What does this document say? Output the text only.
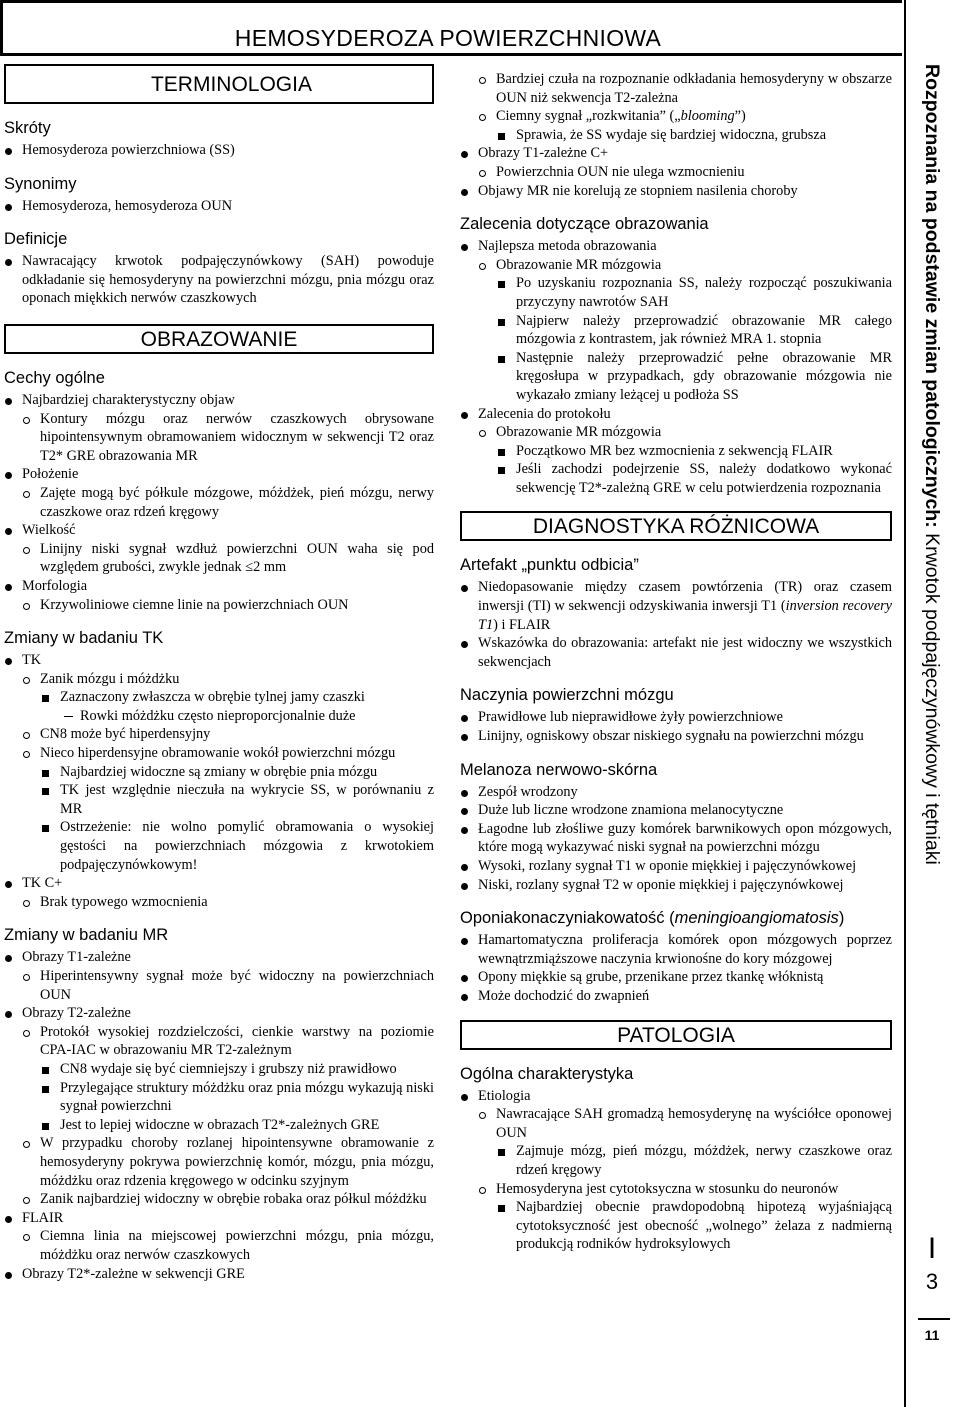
HEMOSYDEROZA POWIERZCHNIOWA
TERMINOLOGIA
Skróty
Hemosyderoza powierzchniowa (SS)
Synonimy
Hemosyderoza, hemosyderoza OUN
Definicje
Nawracający krwotok podpajęczynówkowy (SAH) powoduje odkładanie się hemosyderyny na powierzchni mózgu, pnia mózgu oraz oponach miękkich nerwów czaszkowych
OBRAZOWANIE
Cechy ogólne
Najbardziej charakterystyczny objaw
Kontury mózgu oraz nerwów czaszkowych obrysowane hipointensywnym obramowaniem widocznym w sekwencji T2 oraz T2* GRE obrazowania MR
Położenie
Zajęte mogą być półkule mózgowe, móżdżek, pień mózgu, nerwy czaszkowe oraz rdzeń kręgowy
Wielkość
Linijny niski sygnał wzdłuż powierzchni OUN waha się pod względem grubości, zwykle jednak ≤2 mm
Morfologia
Krzywoliniowe ciemne linie na powierzchniach OUN
Zmiany w badaniu TK
TK
Zanik mózgu i móżdżku
Zaznaczony zwłaszcza w obrębie tylnej jamy czaszki
Rowki móżdżku często nieproporcjonalnie duże
CN8 może być hiperdensyjny
Nieco hiperdensyjne obramowanie wokół powierzchni mózgu
Najbardziej widoczne są zmiany w obrębie pnia mózgu
TK jest względnie nieczuła na wykrycie SS, w porównaniu z MR
Ostrzeżenie: nie wolno pomylić obramowania o wysokiej gęstości na powierzchniach mózgowia z krwotokiem podpajęczynówkowym!
TK C+
Brak typowego wzmocnienia
Zmiany w badaniu MR
Obrazy T1-zależne
Hiperintensywny sygnał może być widoczny na powierzchniach OUN
Obrazy T2-zależne
Protokół wysokiej rozdzielczości, cienkie warstwy na poziomie CPA-IAC w obrazowaniu MR T2-zależnym
CN8 wydaje się być ciemniejszy i grubszy niż prawidłowo
Przylegające struktury móżdżku oraz pnia mózgu wykazują niski sygnał powierzchni
Jest to lepiej widoczne w obrazach T2*-zależnych GRE
W przypadku choroby rozlanej hipointensywne obramowanie z hemosyderyny pokrywa powierzchnię komór, mózgu, pnia mózgu, móżdżku oraz rdzenia kręgowego w odcinku szyjnym
Zanik najbardziej widoczny w obrębie robaka oraz półkul móżdżku
FLAIR
Ciemna linia na miejscowej powierzchni mózgu, pnia mózgu, móżdżku oraz nerwów czaszkowych
Obrazy T2*-zależne w sekwencji GRE
Bardziej czuła na rozpoznanie odkładania hemosyderyny w obszarze OUN niż sekwencja T2-zależna
Ciemny sygnał „rozkwitania” („blooming”)
Sprawia, że SS wydaje się bardziej widoczna, grubsza
Obrazy T1-zależne C+
Powierzchnia OUN nie ulega wzmocnieniu
Objawy MR nie korelują ze stopniem nasilenia choroby
Zalecenia dotyczące obrazowania
Najlepsza metoda obrazowania
Obrazowanie MR mózgowia
Po uzyskaniu rozpoznania SS, należy rozpocząć poszukiwania przyczyny nawrotów SAH
Najpierw należy przeprowadzić obrazowanie MR całego mózgowia z kontrastem, jak również MRA 1. stopnia
Następnie należy przeprowadzić pełne obrazowanie MR kręgosłupa w przypadkach, gdy obrazowanie mózgowia nie wykazało zmiany leżącej u podłoża SS
Zalecenia do protokołu
Obrazowanie MR mózgowia
Początkowo MR bez wzmocnienia z sekwencją FLAIR
Jeśli zachodzi podejrzenie SS, należy dodatkowo wykonać sekwencję T2*-zależną GRE w celu potwierdzenia rozpoznania
DIAGNOSTYKA RÓŻNICOWA
Artefakt „punktu odbicia”
Niedopasowanie między czasem powtórzenia (TR) oraz czasem inwersji (TI) w sekwencji odzyskiwania inwersji T1 (inversion recovery T1) i FLAIR
Wskazówka do obrazowania: artefakt nie jest widoczny we wszystkich sekwencjach
Naczynia powierzchni mózgu
Prawidłowe lub nieprawidłowe żyły powierzchniowe
Linijny, ogniskowy obszar niskiego sygnału na powierzchni mózgu
Melanoza nerwowo-skórna
Zespół wrodzony
Duże lub liczne wrodzone znamiona melanocytyczne
Łagodne lub złośliwe guzy komórek barwnikowych opon mózgowych, które mogą wykazywać niski sygnał na powierzchni mózgu
Wysoki, rozlany sygnał T1 w oponie miękkiej i pajęczynówkowej
Niski, rozlany sygnał T2 w oponie miękkiej i pajęczynówkowej
Oponiakonaczyniakowatość (meningioangiomatosis)
Hamartomatyczna proliferacja komórek opon mózgowych poprzez wewnątrzmiąższowe naczynia krwionośne do kory mózgowej
Opony miękkie są grube, przenikane przez tkankę włóknistą
Może dochodzić do zwapnień
PATOLOGIA
Ogólna charakterystyka
Etiologia
Nawracające SAH gromadzą hemosyderynę na wyściółce oponowej OUN
Zajmuje mózg, pień mózgu, móżdżek, nerwy czaszkowe oraz rdzeń kręgowy
Hemosyderyna jest cytotoksyczna w stosunku do neuronów
Najbardziej obecnie prawdopodobną hipotezą wyjaśniającą cytotoksyczność jest obecność „wolnego” żelaza z nadmierną produkcją rodników hydroksylowych
Rozpoznania na podstawie zmian patologicznych: Krwotok podpajęczynówkowy i tętniaki
I
3
11
